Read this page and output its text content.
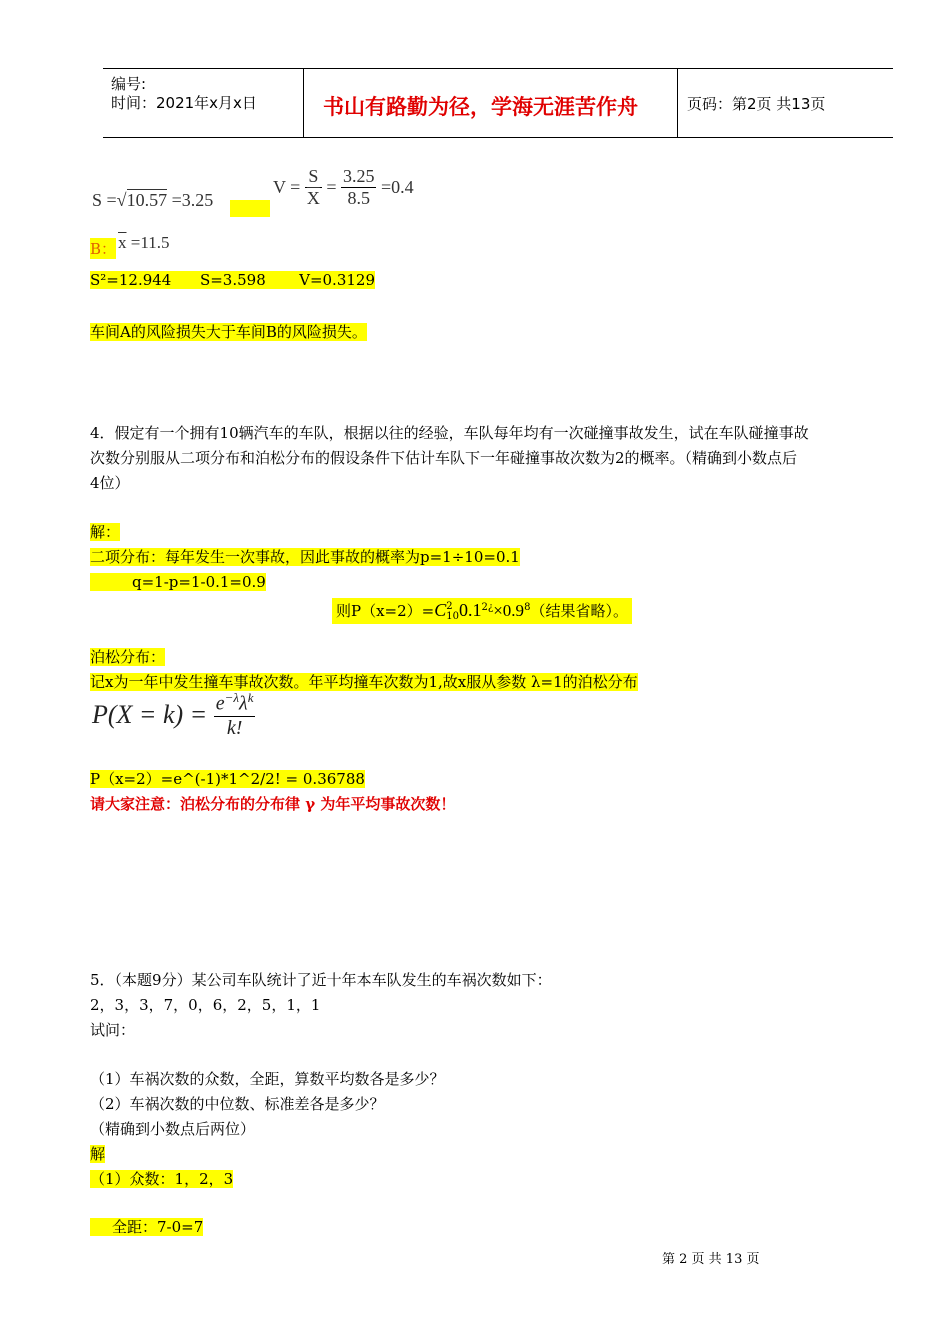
编号:
时间：2021年x月x日	书山有路勤为径，学海无涯苦作舟	页码：第2页 共13页
S =√10.57 =3.25
$V = \frac{S}{X} = \frac{3.25}{8.5} =0.4$
B： $\overline{x} =11.5$
S²=12.944      S=3.598       V=0.3129
车间A的风险损失大于车间B的风险损失。
4．假定有一个拥有10辆汽车的车队，根据以往的经验，车队每年均有一次碰撞事故发生，试在车队碰撞事故
次数分别服从二项分布和泊松分布的假设条件下估计车队下一年碰撞事故次数为2的概率。（精确到小数点后
4位）
解：
二项分布：每年发生一次事故，因此事故的概率为p=1÷10=0.1
q=1-p=1-0.1=0.9
则P（x=2）=C 2
10 $0.1^{2¿}\times 0.9^8$（结果省略）。
泊松分布：
记x为一年中发生撞车事故次数。年平均撞车次数为1,故x服从参数 λ=1的泊松分布
$P(X = k) = \frac{e^{-\lambda}\lambda^k}{k!}$
P（x=2）=e^(-1)*1^2/2! = 0.36788
请大家注意：泊松分布的分布律 γ 为年平均事故次数！
5．（本题9分）某公司车队统计了近十年本车队发生的车祸次数如下：
2，3，3，7，0，6，2，5，1，1
试问：
（1）车祸次数的众数，全距，算数平均数各是多少？
（2）车祸次数的中位数、标准差各是多少？
（精确到小数点后两位）
解
（1）众数：1，2，3
全距：7-0=7
第 2 页 共 13 页
